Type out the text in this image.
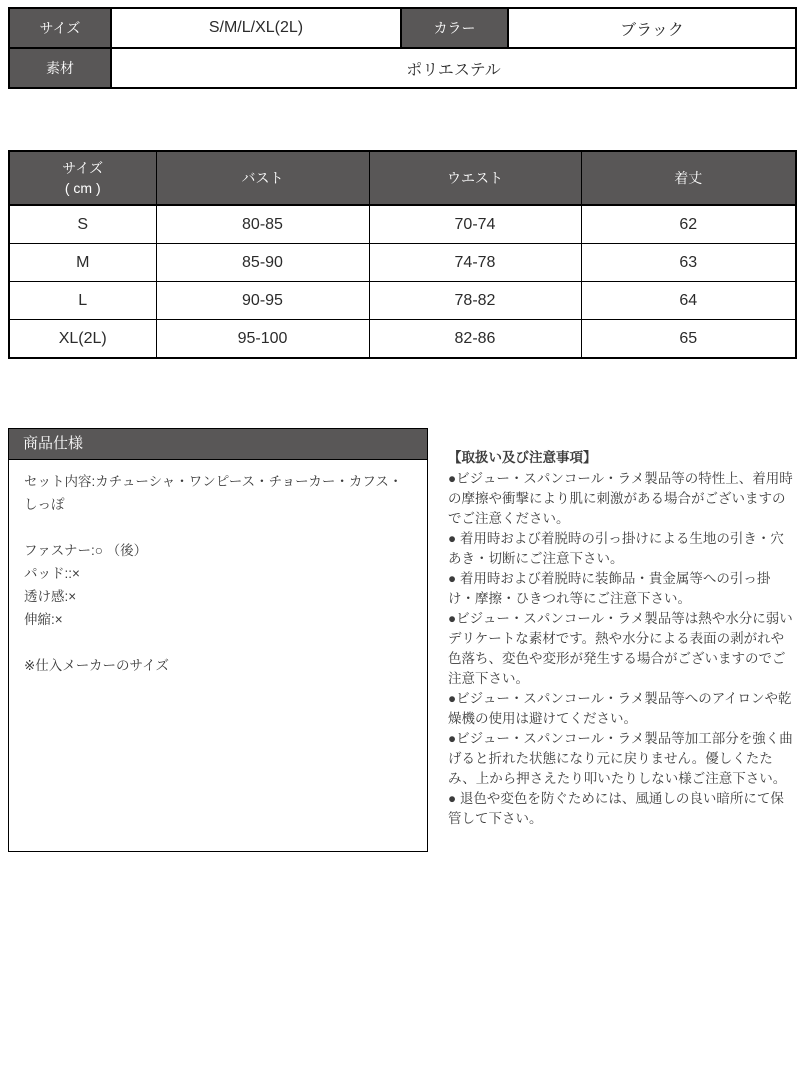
サイズ	S/M/L/XL(2L)	カラー	ブラック
素材	ポリエステル		
サイズ
( cm )	バスト	ウエスト	着丈
S	80-85	70-74	62
M	85-90	74-78	63
L	90-95	78-82	64
XL(2L)	95-100	82-86	65
商品仕様
セット内容:カチューシャ・ワンピース・チョーカー・カフス・しっぽ
ファスナー:○ （後）
パッド::×
透け感:×
伸縮:×
※仕入メーカーのサイズ

【取扱い及び注意事項】

●ビジュー・スパンコール・ラメ製品等の特性上、着用時の摩擦や衝撃により肌に刺激がある場合がございますのでご注意ください。

● 着用時および着脱時の引っ掛けによる生地の引き・穴あき・切断にご注意下さい。

● 着用時および着脱時に装飾品・貴金属等への引っ掛け・摩擦・ひきつれ等にご注意下さい。

●ビジュー・スパンコール・ラメ製品等は熱や水分に弱いデリケートな素材です。熱や水分による表面の剥がれや色落ち、変色や変形が発生する場合がございますのでご注意下さい。

●ビジュー・スパンコール・ラメ製品等へのアイロンや乾燥機の使用は避けてください。

●ビジュー・スパンコール・ラメ製品等加工部分を強く曲げると折れた状態になり元に戻りません。優しくたたみ、上から押さえたり叩いたりしない様ご注意下さい。

● 退色や変色を防ぐためには、風通しの良い暗所にて保管して下さい。
